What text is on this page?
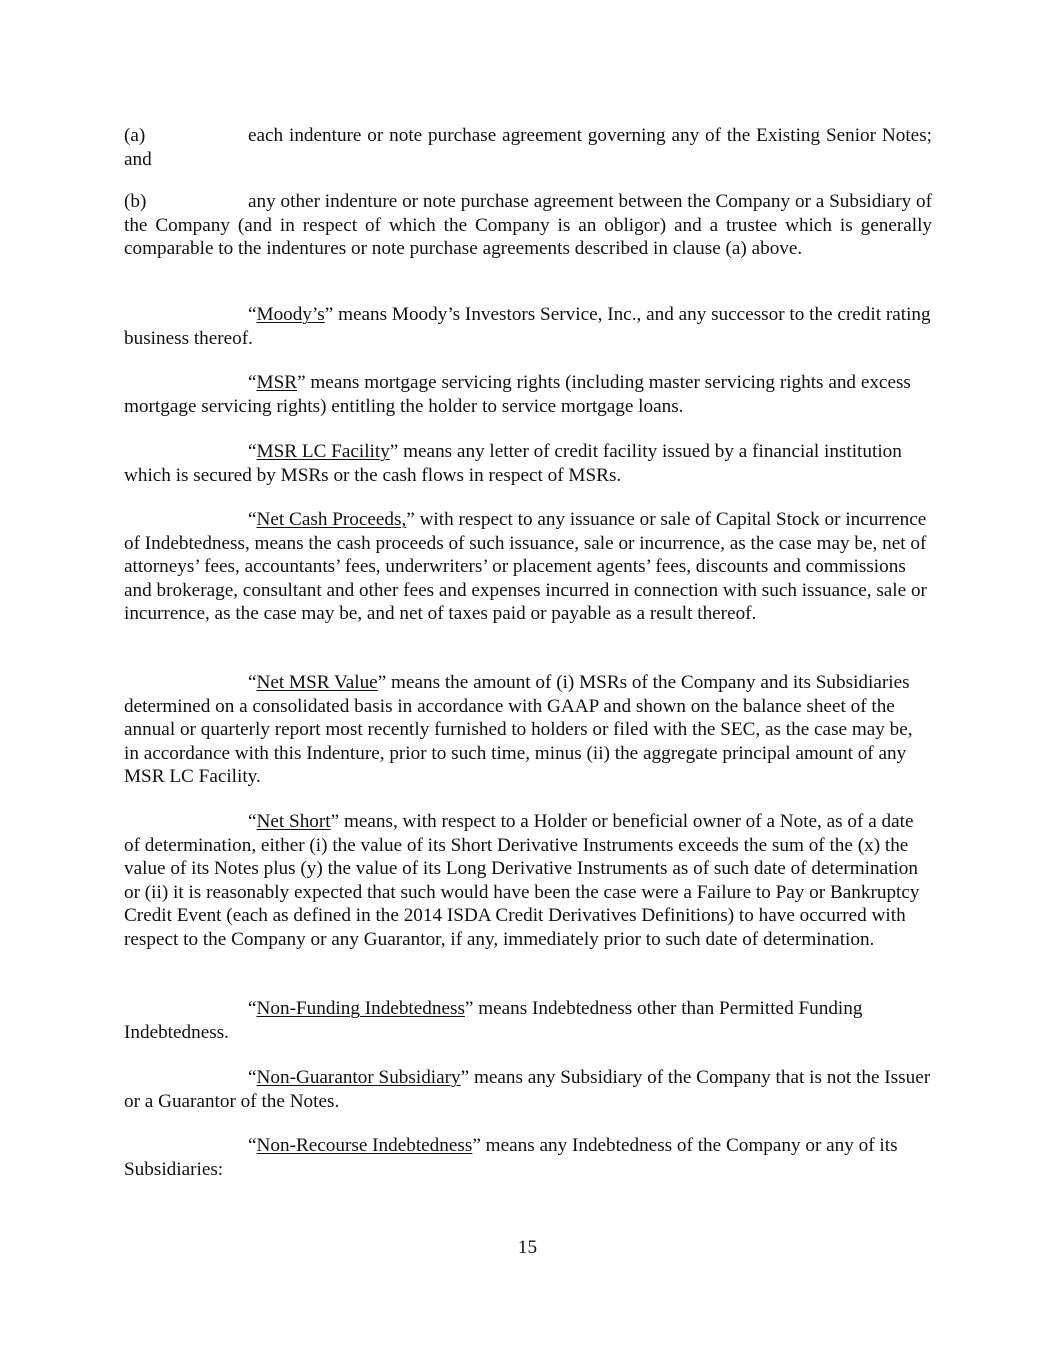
(a)	each indenture or note purchase agreement governing any of the Existing Senior Notes; and

(b)	any other indenture or note purchase agreement between the Company or a Subsidiary of the Company (and in respect of which the Company is an obligor) and a trustee which is generally comparable to the indentures or note purchase agreements described in clause (a) above.

“Moody’s” means Moody’s Investors Service, Inc., and any successor to the credit rating business thereof.

“MSR” means mortgage servicing rights (including master servicing rights and excess mortgage servicing rights) entitling the holder to service mortgage loans.

“MSR LC Facility” means any letter of credit facility issued by a financial institution which is secured by MSRs or the cash flows in respect of MSRs.

“Net Cash Proceeds,” with respect to any issuance or sale of Capital Stock or incurrence of Indebtedness, means the cash proceeds of such issuance, sale or incurrence, as the case may be, net of attorneys’ fees, accountants’ fees, underwriters’ or placement agents’ fees, discounts and commissions and brokerage, consultant and other fees and expenses incurred in connection with such issuance, sale or incurrence, as the case may be, and net of taxes paid or payable as a result thereof.

“Net MSR Value” means the amount of (i) MSRs of the Company and its Subsidiaries determined on a consolidated basis in accordance with GAAP and shown on the balance sheet of the annual or quarterly report most recently furnished to holders or filed with the SEC, as the case may be, in accordance with this Indenture, prior to such time, minus (ii) the aggregate principal amount of any MSR LC Facility.

“Net Short” means, with respect to a Holder or beneficial owner of a Note, as of a date of determination, either (i) the value of its Short Derivative Instruments exceeds the sum of the (x) the value of its Notes plus (y) the value of its Long Derivative Instruments as of such date of determination or (ii) it is reasonably expected that such would have been the case were a Failure to Pay or Bankruptcy Credit Event (each as defined in the 2014 ISDA Credit Derivatives Definitions) to have occurred with respect to the Company or any Guarantor, if any, immediately prior to such date of determination.

“Non-Funding Indebtedness” means Indebtedness other than Permitted Funding Indebtedness.

“Non-Guarantor Subsidiary” means any Subsidiary of the Company that is not the Issuer or a Guarantor of the Notes.

“Non-Recourse Indebtedness” means any Indebtedness of the Company or any of its Subsidiaries:

15
